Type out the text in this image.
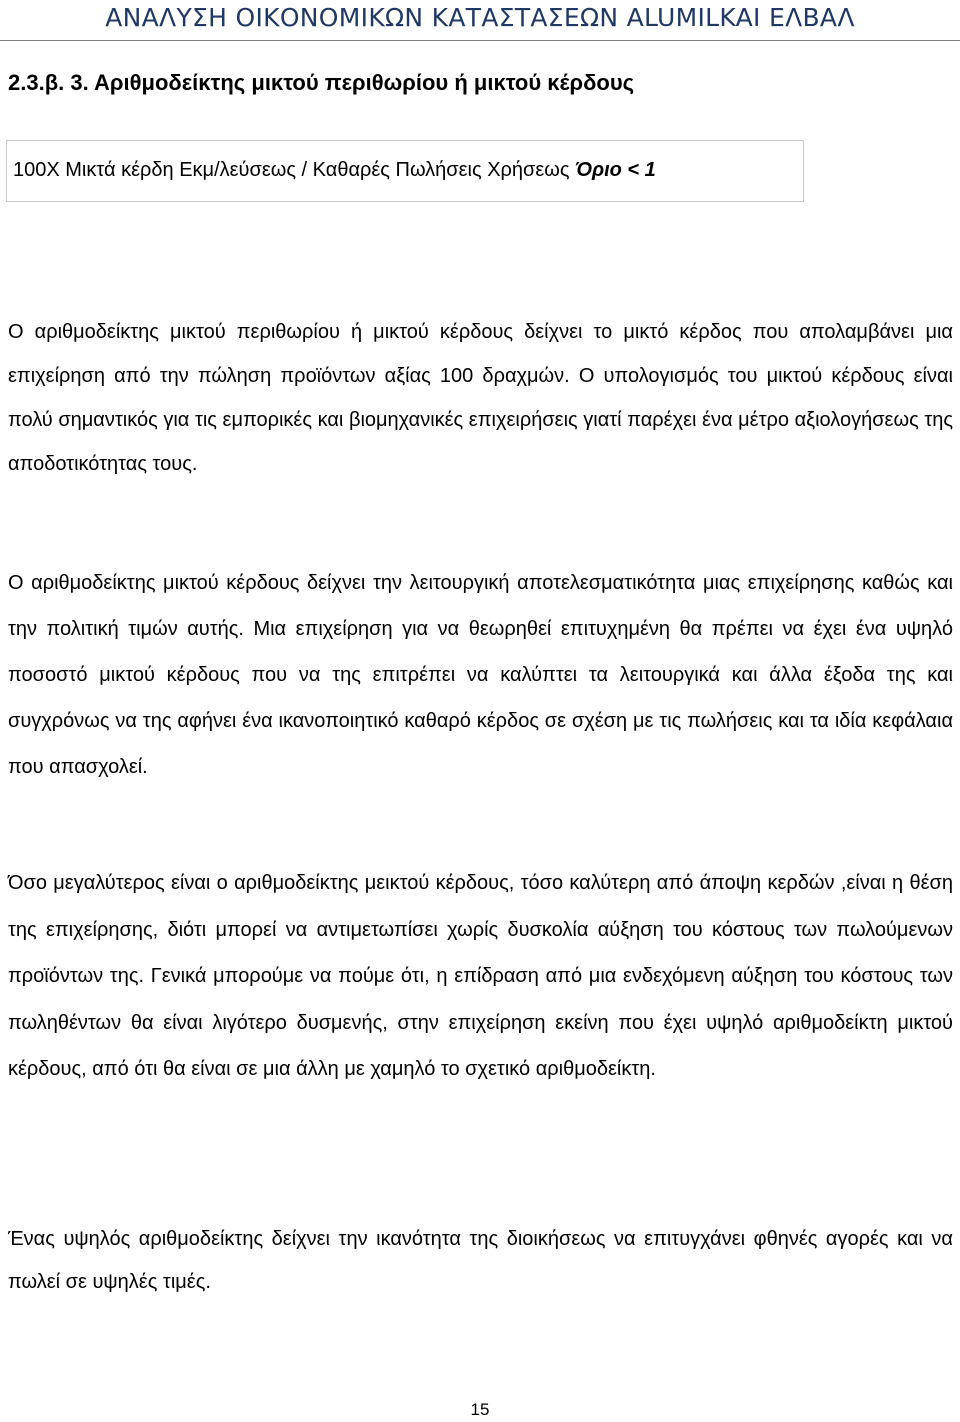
ΑΝΑΛΥΣΗ ΟΙΚΟΝΟΜΙΚΩΝ ΚΑΤΑΣΤΑΣΕΩΝ ALUMILKAI ΕΛΒΑΛ
2.3.β. 3. Αριθμοδείκτης μικτού περιθωρίου ή μικτού κέρδους
100Χ Μικτά κέρδη Εκμ/λεύσεως / Καθαρές Πωλήσεις Χρήσεως Όριο < 1

Ο αριθμοδείκτης μικτού περιθωρίου ή μικτού κέρδους δείχνει το μικτό κέρδος που απολαμβάνει μια επιχείρηση από την πώληση προϊόντων αξίας 100 δραχμών. Ο υπολογισμός του μικτού κέρδους είναι πολύ σημαντικός για τις εμπορικές και βιομηχανικές επιχειρήσεις γιατί παρέχει ένα μέτρο αξιολογήσεως της αποδοτικότητας τους.

Ο αριθμοδείκτης μικτού κέρδους δείχνει την λειτουργική αποτελεσματικότητα μιας επιχείρησης καθώς και την πολιτική τιμών αυτής. Μια επιχείρηση για να θεωρηθεί επιτυχημένη θα πρέπει να έχει ένα υψηλό ποσοστό μικτού κέρδους που να της επιτρέπει να καλύπτει τα λειτουργικά και άλλα έξοδα της και συγχρόνως να της αφήνει ένα ικανοποιητικό καθαρό κέρδος σε σχέση με τις πωλήσεις και τα ιδία κεφάλαια που απασχολεί.

Όσο μεγαλύτερος είναι ο αριθμοδείκτης μεικτού κέρδους, τόσο καλύτερη από άποψη κερδών ,είναι η θέση της επιχείρησης, διότι μπορεί να αντιμετωπίσει χωρίς δυσκολία αύξηση του κόστους των πωλούμενων προϊόντων της. Γενικά μπορούμε να πούμε ότι, η επίδραση από μια ενδεχόμενη αύξηση του κόστους των πωληθέντων θα είναι λιγότερο δυσμενής, στην επιχείρηση εκείνη που έχει υψηλό αριθμοδείκτη μικτού κέρδους, από ότι θα είναι σε μια άλλη με χαμηλό το σχετικό αριθμοδείκτη.

Ένας υψηλός αριθμοδείκτης δείχνει την ικανότητα της διοικήσεως να επιτυγχάνει φθηνές αγορές και να πωλεί σε υψηλές τιμές.

15
